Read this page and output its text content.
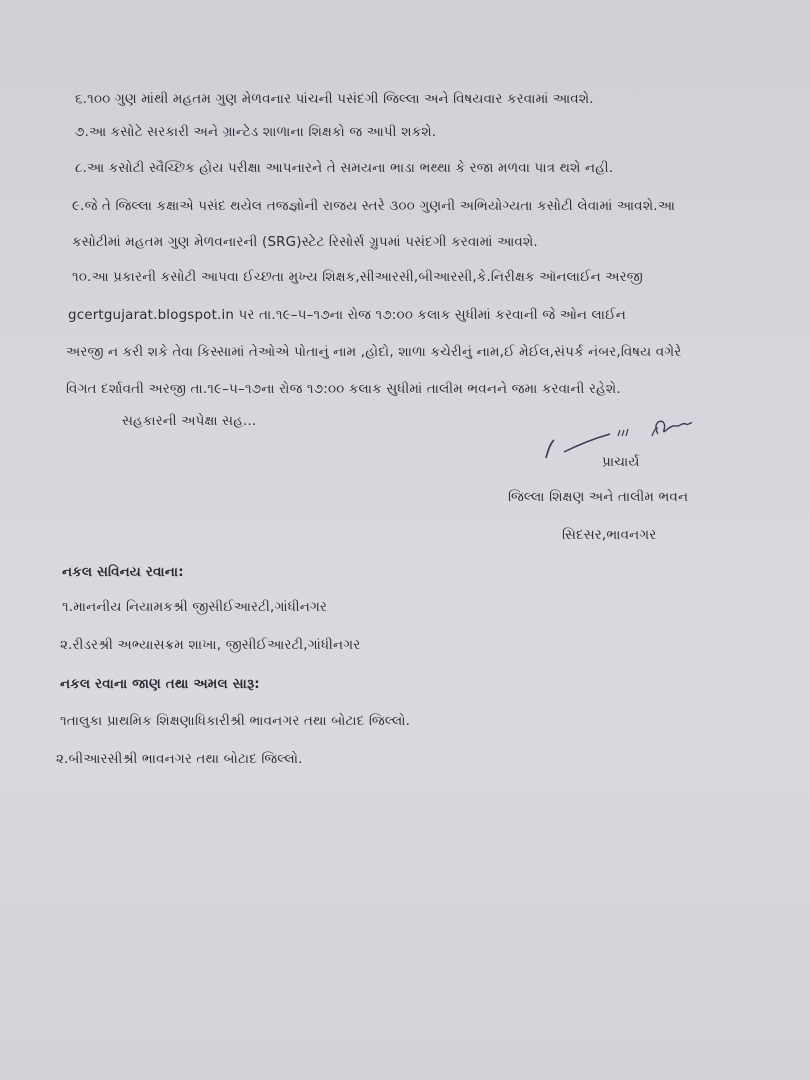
૬.૧૦૦ ગુણ માંથી મહતમ ગુણ મેળવનાર પાંચની પસંદગી જિલ્લા અને વિષયવાર કરવામાં આવશે.
૭.આ કસોટે સરકારી અને ગ્રાન્ટેડ શાળાના શિક્ષકો જ આપી શકશે.
૮.આ કસોટી સ્વૈચ્છિક હોય પરીક્ષા આપનારને તે સમયના ભાડા ભથ્થા કે રજા મળવા પાત્ર થશે નહી.
૯.જે તે જિલ્લા કક્ષાએ પસંદ થયેલ તજજ્ઞોની રાજય સ્તરે ૩૦૦ ગુણની અભિયોગ્યતા કસોટી લેવામાં આવશે.આ
કસોટીમાં મહતમ ગુણ મેળવનારની (SRG)સ્ટેટ રિસોર્સ ગ્રુપમાં પસંદગી કરવામાં આવશે.
૧૦.આ પ્રકારની કસોટી આપવા ઈચ્છતા મુખ્ય શિક્ષક,સીઆરસી,બીઆરસી,કે.નિરીક્ષક ઑનલાઈન અરજી
gcertgujarat.blogspot.in પર તા.૧૯–૫–૧૭ના રોજ ૧૭:૦૦ કલાક સુધીમાં કરવાની જે ઓન લાઈન
અરજી ન કરી શકે તેવા કિસ્સામાં તેઓએ પોતાનું નામ ,હોદો, શાળા કચેરીનું નામ,ઈ મેઈલ,સંપર્ક નંબર,વિષય વગેરે
વિગત દર્શાવતી અરજી તા.૧૯–૫–૧૭ના રોજ ૧૭:૦૦ કલાક સુધીમાં તાલીમ ભવનને જમા કરવાની રહેશે.
સહકારની અપેક્ષા સહ...
પ્રાચાર્ય
જિલ્લા શિક્ષણ અને તાલીમ ભવન
સિદસર,ભાવનગર
નકલ સવિનય રવાના:
૧.માનનીય નિયામકશ્રી જીસીઈઆરટી,ગાંધીનગર
૨.રીડરશ્રી અભ્યાસક્રમ શાખા, જીસીઈઆરટી,ગાંધીનગર
નકલ રવાના જાણ તથા અમલ સારૂ:
૧તાલુકા પ્રાથમિક શિક્ષણાધિકારીશ્રી ભાવનગર તથા બોટાદ જિલ્લો.
૨.બીઆરસીશ્રી ભાવનગર તથા બોટાદ જિલ્લો.
